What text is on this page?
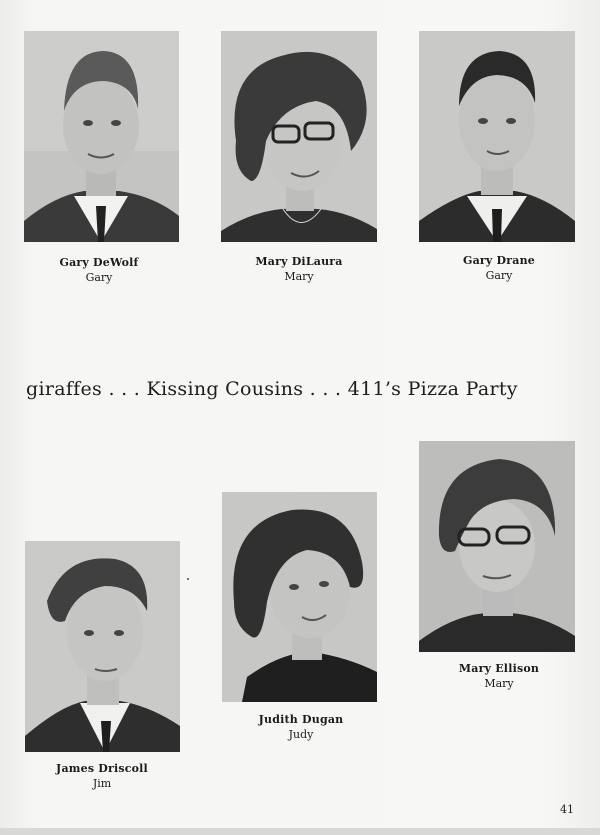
Gary DeWolf
Gary
Mary DiLaura
Mary
Gary Drane
Gary
giraffes . . . Kissing Cousins . . . 411’s Pizza Party
James Driscoll
Jim
Judith Dugan
Judy
Mary Ellison
Mary
41
